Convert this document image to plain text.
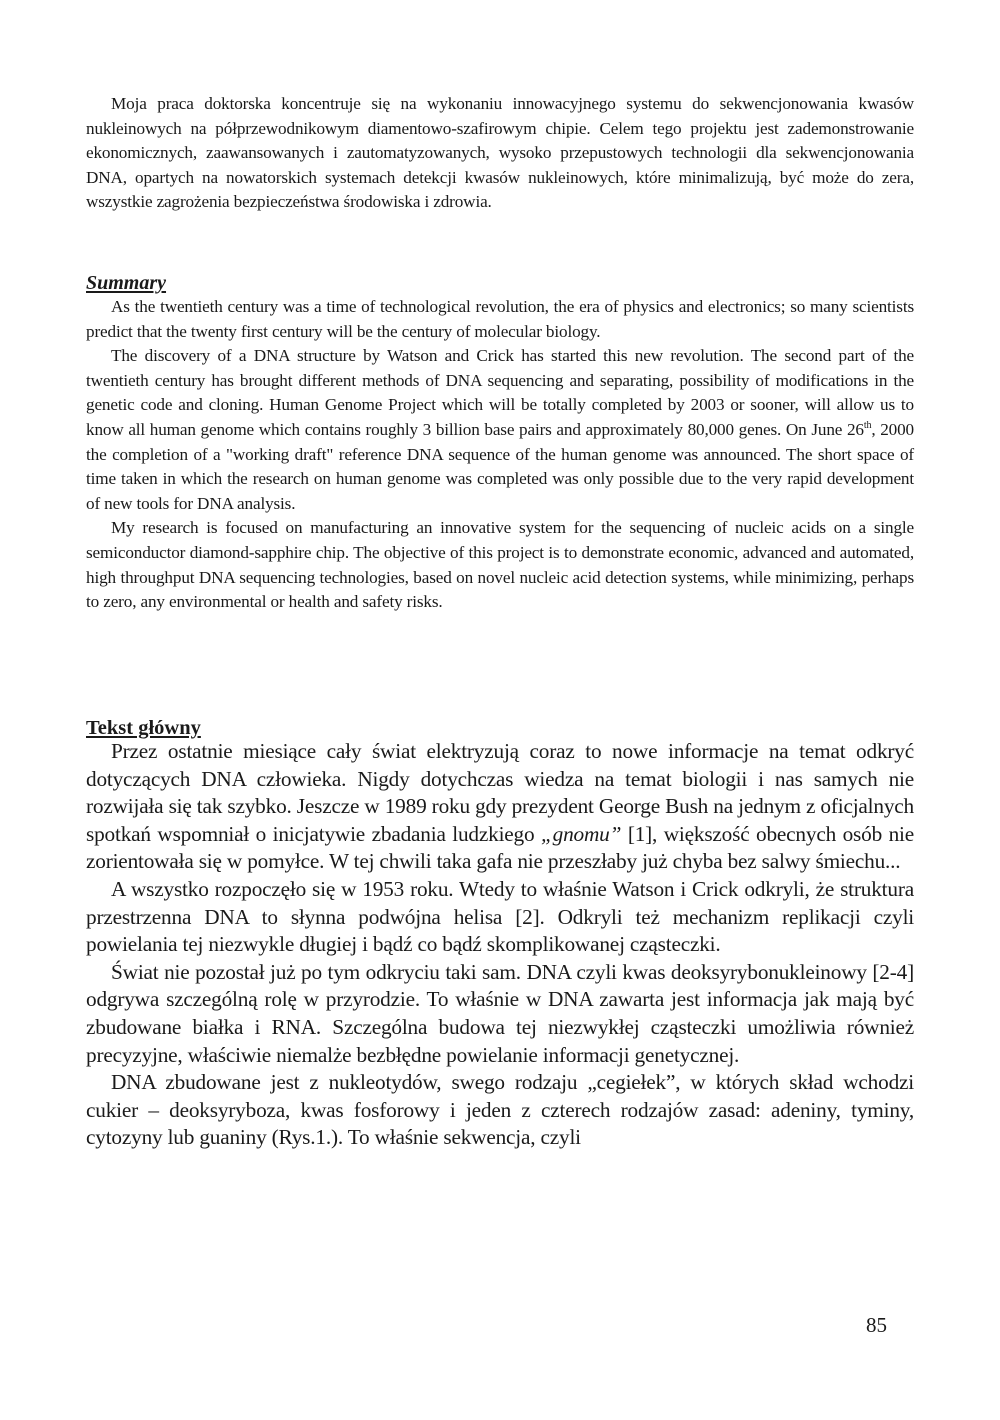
Moja praca doktorska koncentruje się na wykonaniu innowacyjnego systemu do sekwencjonowania kwasów nukleinowych na półprzewodnikowym diamentowo-szafirowym chipie. Celem tego projektu jest zademonstrowanie ekonomicznych, zaawansowanych i zautomatyzowanych, wysoko przepustowych technologii dla sekwencjonowania DNA, opartych na nowatorskich systemach detekcji kwasów nukleinowych, które minimalizują, być może do zera, wszystkie zagrożenia bezpieczeństwa środowiska i zdrowia.

Summary

As the twentieth century was a time of technological revolution, the era of physics and electronics; so many scientists predict that the twenty first century will be the century of molecular biology.

The discovery of a DNA structure by Watson and Crick has started this new revolution. The second part of the twentieth century has brought different methods of DNA sequencing and separating, possibility of modifications in the genetic code and cloning. Human Genome Project which will be totally completed by 2003 or sooner, will allow us to know all human genome which contains roughly 3 billion base pairs and approximately 80,000 genes. On June 26th, 2000 the completion of a "working draft" reference DNA sequence of the human genome was announced. The short space of time taken in which the research on human genome was completed was only possible due to the very rapid development of new tools for DNA analysis.

My research is focused on manufacturing an innovative system for the sequencing of nucleic acids on a single semiconductor diamond-sapphire chip. The objective of this project is to demonstrate economic, advanced and automated, high throughput DNA sequencing technologies, based on novel nucleic acid detection systems, while minimizing, perhaps to zero, any environmental or health and safety risks.

Tekst główny

Przez ostatnie miesiące cały świat elektryzują coraz to nowe informacje na temat odkryć dotyczących DNA człowieka. Nigdy dotychczas wiedza na temat biologii i nas samych nie rozwijała się tak szybko. Jeszcze w 1989 roku gdy prezydent George Bush na jednym z oficjalnych spotkań wspomniał o inicjatywie zbadania ludzkiego „gnomu” [1], większość obecnych osób nie zorientowała się w pomyłce. W tej chwili taka gafa nie przeszłaby już chyba bez salwy śmiechu...

A wszystko rozpoczęło się w 1953 roku. Wtedy to właśnie Watson i Crick odkryli, że struktura przestrzenna DNA to słynna podwójna helisa [2]. Odkryli też mechanizm replikacji czyli powielania tej niezwykle długiej i bądź co bądź skomplikowanej cząsteczki.

Świat nie pozostał już po tym odkryciu taki sam. DNA czyli kwas deoksyrybonukleinowy [2-4] odgrywa szczególną rolę w przyrodzie. To właśnie w DNA zawarta jest informacja jak mają być zbudowane białka i RNA. Szczególna budowa tej niezwykłej cząsteczki umożliwia również precyzyjne, właściwie niemalże bezbłędne powielanie informacji genetycznej.

DNA zbudowane jest z nukleotydów, swego rodzaju „cegiełek”, w których skład wchodzi cukier – deoksyryboza, kwas fosforowy i jeden z czterech rodzajów zasad: adeniny, tyminy, cytozyny lub guaniny (Rys.1.). To właśnie sekwencja, czyli

85
